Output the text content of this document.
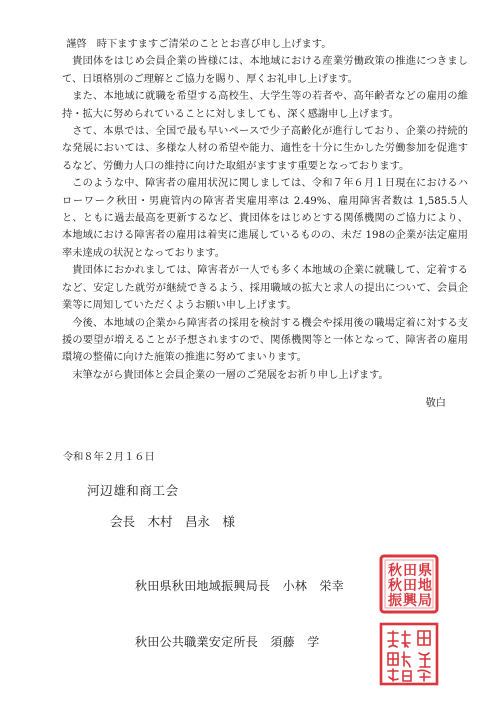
謹啓　時下ますますご清栄のこととお喜び申し上げます。

貴団体をはじめ会員企業の皆様には、本地域における産業労働政策の推進につきまして、日頃格別のご理解とご協力を賜り、厚くお礼申し上げます。

また、本地域に就職を希望する高校生、大学生等の若者や、高年齢者などの雇用の維持・拡大に努められていることに対しましても、深く感謝申し上げます。

さて、本県では、全国で最も早いペースで少子高齢化が進行しており、企業の持続的な発展においては、多様な人材の希望や能力、適性を十分に生かした労働参加を促進するなど、労働力人口の維持に向けた取組がますます重要となっております。

このような中、障害者の雇用状況に関しましては、令和７年６月１日現在におけるハローワーク秋田・男鹿管内の障害者実雇用率は 2.49%、雇用障害者数は 1,585.5人と、ともに過去最高を更新するなど、貴団体をはじめとする関係機関のご協力により、本地域における障害者の雇用は着実に進展しているものの、未だ 198の企業が法定雇用率未達成の状況となっております。

貴団体におかれましては、障害者が一人でも多く本地域の企業に就職して、定着するなど、安定した就労が継続できるよう、採用職域の拡大と求人の提出について、会員企業等に周知していただくようお願い申し上げます。

今後、本地域の企業から障害者の採用を検討する機会や採用後の職場定着に対する支援の要望が増えることが予想されますので、関係機関等と一体となって、障害者の雇用環境の整備に向けた施策の推進に努めてまいります。

末筆ながら貴団体と会員企業の一層のご発展をお祈り申し上げます。

敬白
令和８年２月１６日
河辺雄和商工会
会長　木村　昌永　様
秋田県秋田地域振興局長　小林　栄幸
秋田公共職業安定所長　須藤　学
秋 田 県
秋 田 地
振 興 局
